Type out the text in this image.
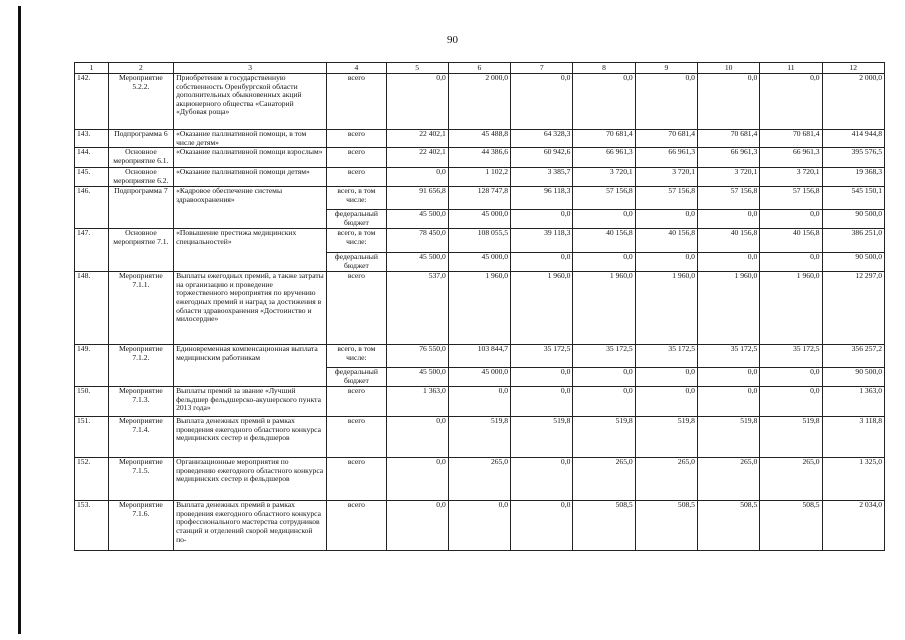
90
1	2	3	4	5	6	7	8	9	10	11	12
142.	Мероприятие 5.2.2.	Приобретение в государственную собственность Оренбургской области дополнительных обыкновенных акций акционерного общества «Санаторий «Дубовая роща»	всего	0,0	2 000,0	0,0	0,0	0,0	0,0	0,0	2 000,0
143.	Подпрограмма 6	«Оказание паллиативной помощи, в том числе детям»	всего	22 402,1	45 488,8	64 328,3	70 681,4	70 681,4	70 681,4	70 681,4	414 944,8
144.	Основное мероприятие 6.1.	«Оказание паллиативной помощи взрослым»	всего	22 402,1	44 386,6	60 942,6	66 961,3	66 961,3	66 961,3	66 961,3	395 576,5
145.	Основное мероприятие 6.2.	«Оказание паллиативной помощи детям»	всего	0,0	1 102,2	3 385,7	3 720,1	3 720,1	3 720,1	3 720,1	19 368,3
146.	Подпрограмма 7	«Кадровое обеспечение системы здравоохранения»	всего, в том числе:	91 656,8	128 747,8	96 118,3	57 156,8	57 156,8	57 156,8	57 156,8	545 150,1
			федеральный бюджет	45 500,0	45 000,0	0,0	0,0	0,0	0,0	0,0	90 500,0
147.	Основное мероприятие 7.1.	«Повышение престижа медицинских специальностей»	всего, в том числе:	78 450,0	108 055,5	39 118,3	40 156,8	40 156,8	40 156,8	40 156,8	386 251,0
			федеральный бюджет	45 500,0	45 000,0	0,0	0,0	0,0	0,0	0,0	90 500,0
148.	Мероприятие 7.1.1.	Выплаты ежегодных премий, а также затраты на организацию и проведение торжественного мероприятия по вручению ежегодных премий и наград за достижения в области здравоохранения «Достоинство и милосердие»	всего	537,0	1 960,0	1 960,0	1 960,0	1 960,0	1 960,0	1 960,0	12 297,0
149.	Мероприятие 7.1.2.	Единовременная компенсационная выплата медицинским работникам	всего, в том числе:	76 550,0	103 844,7	35 172,5	35 172,5	35 172,5	35 172,5	35 172,5	356 257,2
			федеральный бюджет	45 500,0	45 000,0	0,0	0,0	0,0	0,0	0,0	90 500,0
150.	Мероприятие 7.1.3.	Выплаты премий за звание «Лучший фельдшер фельдшерско-акушерского пункта 2013 года»	всего	1 363,0	0,0	0,0	0,0	0,0	0,0	0,0	1 363,0
151.	Мероприятие 7.1.4.	Выплата денежных премий в рамках проведения ежегодного областного конкурса медицинских сестер и фельдшеров	всего	0,0	519,8	519,8	519,8	519,8	519,8	519,8	3 118,8
152.	Мероприятие 7.1.5.	Организационные мероприятия по проведению ежегодного областного конкурса медицинских сестер и фельдшеров	всего	0,0	265,0	0,0	265,0	265,0	265,0	265,0	1 325,0
153.	Мероприятие 7.1.6.	Выплата денежных премий в рамках проведения ежегодного областного конкурса профессионального мастерства сотрудников станций и отделений скорой медицинской по-	всего	0,0	0,0	0,0	508,5	508,5	508,5	508,5	2 034,0
